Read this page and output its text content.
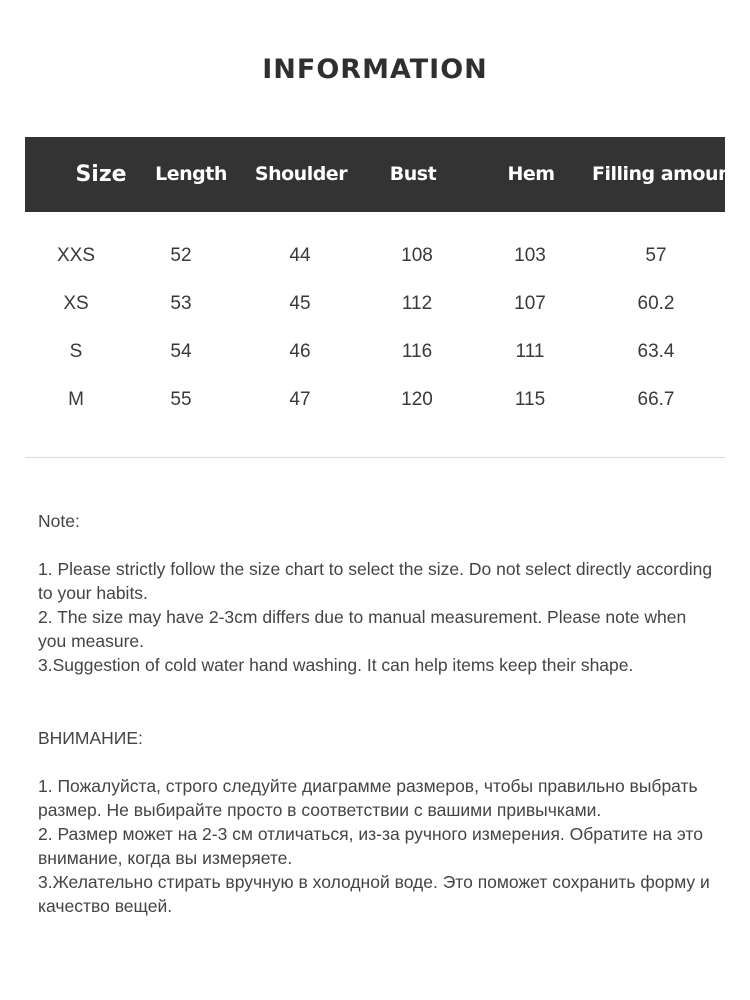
INFORMATION
Size	Length	Shoulder	Bust	Hem	Filling amount
XXS	52	44	108	103	57
XS	53	45	112	107	60.2
S	54	46	116	111	63.4
M	55	47	120	115	66.7

Note:

1. Please strictly follow the size chart to select the size. Do not select directly according to your habits.

2. The size may have 2-3cm differs due to manual measurement. Please note when you measure.

3.Suggestion of cold water hand washing. It can help items keep their shape.

ВНИМАНИЕ:

1. Пожалуйста, строго следуйте диаграмме размеров, чтобы правильно выбрать размер. Не выбирайте просто в соответствии с вашими привычками.

2. Размер может на 2-3 см отличаться, из-за ручного измерения. Обратите на это внимание, когда вы измеряете.

3.Желательно стирать вручную в холодной воде. Это поможет сохранить форму и качество вещей.
